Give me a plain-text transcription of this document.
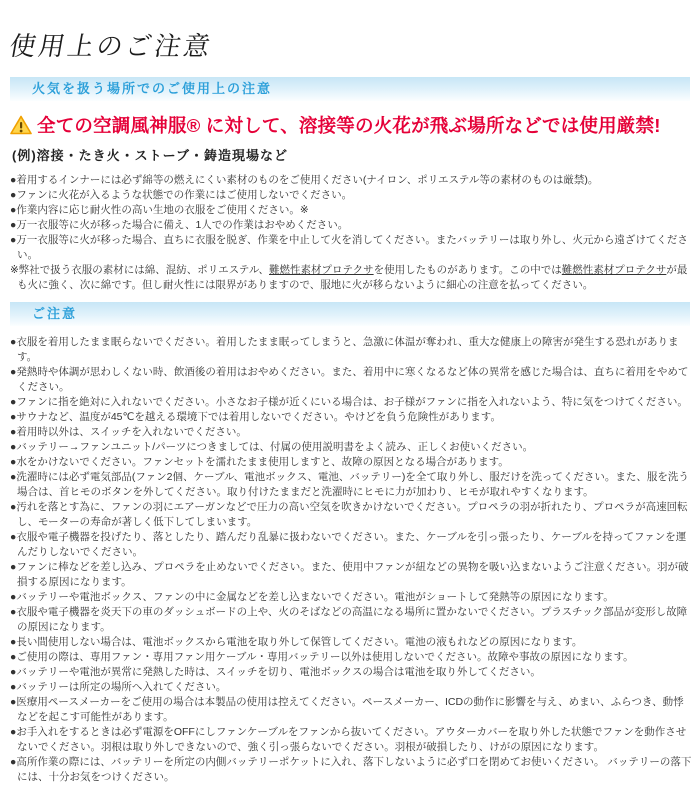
使用上のご注意
火気を扱う場所でのご使用上の注意
全ての空調風神服® に対して、溶接等の火花が飛ぶ場所などでは使用厳禁!
(例)溶接・たき火・ストーブ・鋳造現場など
●着用するインナーには必ず綿等の燃えにくい素材のものをご使用ください(ナイロン、ポリエステル等の素材のものは厳禁)。
●ファンに火花が入るような状態での作業にはご使用しないでください。
●作業内容に応じ耐火性の高い生地の衣服をご使用ください。※
●万一衣服等に火が移った場合に備え、1人での作業はおやめください。
●万一衣服等に火が移った場合、直ちに衣服を脱ぎ、作業を中止して火を消してください。またバッテリーは取り外し、火元から遠ざけてください。
※弊社で扱う衣服の素材には綿、混紡、ポリエステル、難燃性素材プロテクサを使用したものがあります。この中では難燃性素材プロテクサが最も火に強く、次に綿です。但し耐火性には限界がありますので、服地に火が移らないように細心の注意を払ってください。
ご注意
●衣服を着用したまま眠らないでください。着用したまま眠ってしまうと、急激に体温が奪われ、重大な健康上の障害が発生する恐れがあります。
●発熱時や体調が思わしくない時、飲酒後の着用はおやめください。また、着用中に寒くなるなど体の異常を感じた場合は、直ちに着用をやめてください。
●ファンに指を絶対に入れないでください。小さなお子様が近くにいる場合は、お子様がファンに指を入れないよう、特に気をつけてください。
●サウナなど、温度が45℃を越える環境下では着用しないでください。やけどを負う危険性があります。
●着用時以外は、スイッチを入れないでください。
●バッテリー→ファンユニット/パーツにつきましては、付属の使用説明書をよく読み、正しくお使いください。
●水をかけないでください。ファンセットを濡れたまま使用しますと、故障の原因となる場合があります。
●洗濯時には必ず電気部品(ファン2個、ケーブル、電池ボックス、電池、バッテリー)を全て取り外し、服だけを洗ってください。また、服を洗う場合は、首ヒモのボタンを外してください。取り付けたままだと洗濯時にヒモに力が加わり、ヒモが取れやすくなります。
●汚れを落とす為に、ファンの羽にエアーガンなどで圧力の高い空気を吹きかけないでください。プロペラの羽が折れたり、プロペラが高速回転し、モーターの寿命が著しく低下してしまいます。
●衣服や電子機器を投げたり、落としたり、踏んだり乱暴に扱わないでください。また、ケーブルを引っ張ったり、ケーブルを持ってファンを運んだりしないでください。
●ファンに棒などを差し込み、プロペラを止めないでください。また、使用中ファンが紐などの異物を吸い込まないようご注意ください。羽が破損する原因になります。
●バッテリーや電池ボックス、ファンの中に金属などを差し込まないでください。電池がショートして発熱等の原因になります。
●衣服や電子機器を炎天下の車のダッシュボードの上や、火のそばなどの高温になる場所に置かないでください。プラスチック部品が変形し故障の原因になります。
●長い間使用しない場合は、電池ボックスから電池を取り外して保管してください。電池の液もれなどの原因になります。
●ご使用の際は、専用ファン・専用ファン用ケーブル・専用バッテリー以外は使用しないでください。故障や事故の原因になります。
●バッテリーや電池が異常に発熱した時は、スイッチを切り、電池ボックスの場合は電池を取り外してください。
●バッテリーは所定の場所へ入れてください。
●医療用ペースメーカーをご使用の場合は本製品の使用は控えてください。ペースメーカー、ICDの動作に影響を与え、めまい、ふらつき、動悸などを起こす可能性があります。
●お手入れをするときは必ず電源をOFFにしファンケーブルをファンから抜いてください。アウターカバーを取り外した状態でファンを動作させないでください。羽根は取り外しできないので、強く引っ張らないでください。羽根が破損したり、けがの原因になります。
●高所作業の際には、バッテリーを所定の内側バッテリーポケットに入れ、落下しないように必ず口を閉めてお使いください。 バッテリーの落下には、十分お気をつけください。
